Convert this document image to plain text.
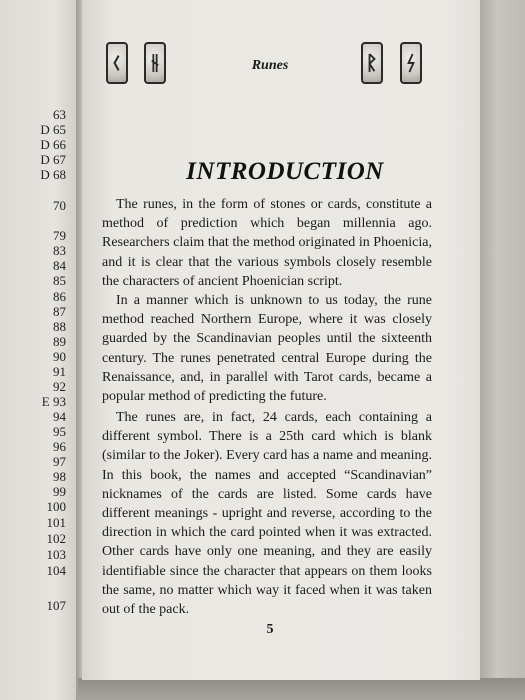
63
D 65
D 66
D 67
D 68
70
79
83
84
85
86
87
88
89
90
91
92
E 93
94
95
96
97
98
99
100
101
102
103
104
107
Runes
INTRODUCTION

The runes, in the form of stones or cards, constitute a method of prediction which began millennia ago. Researchers claim that the method originated in Phoenicia, and it is clear that the various symbols closely resemble the characters of ancient Phoenician script.

In a manner which is unknown to us today, the rune method reached Northern Europe, where it was closely guarded by the Scandinavian peoples until the sixteenth century. The runes penetrated central Europe during the Renaissance, and, in parallel with Tarot cards, became a popular method of predicting the future.

The runes are, in fact, 24 cards, each containing a different symbol. There is a 25th card which is blank (similar to the Joker). Every card has a name and meaning. In this book, the names and accepted “Scandinavian” nicknames of the cards are listed. Some cards have different meanings - upright and reverse, according to the direction in which the card pointed when it was extracted. Other cards have only one meaning, and they are easily identifiable since the character that appears on them looks the same, no matter which way it faced when it was taken out of the pack.

5
